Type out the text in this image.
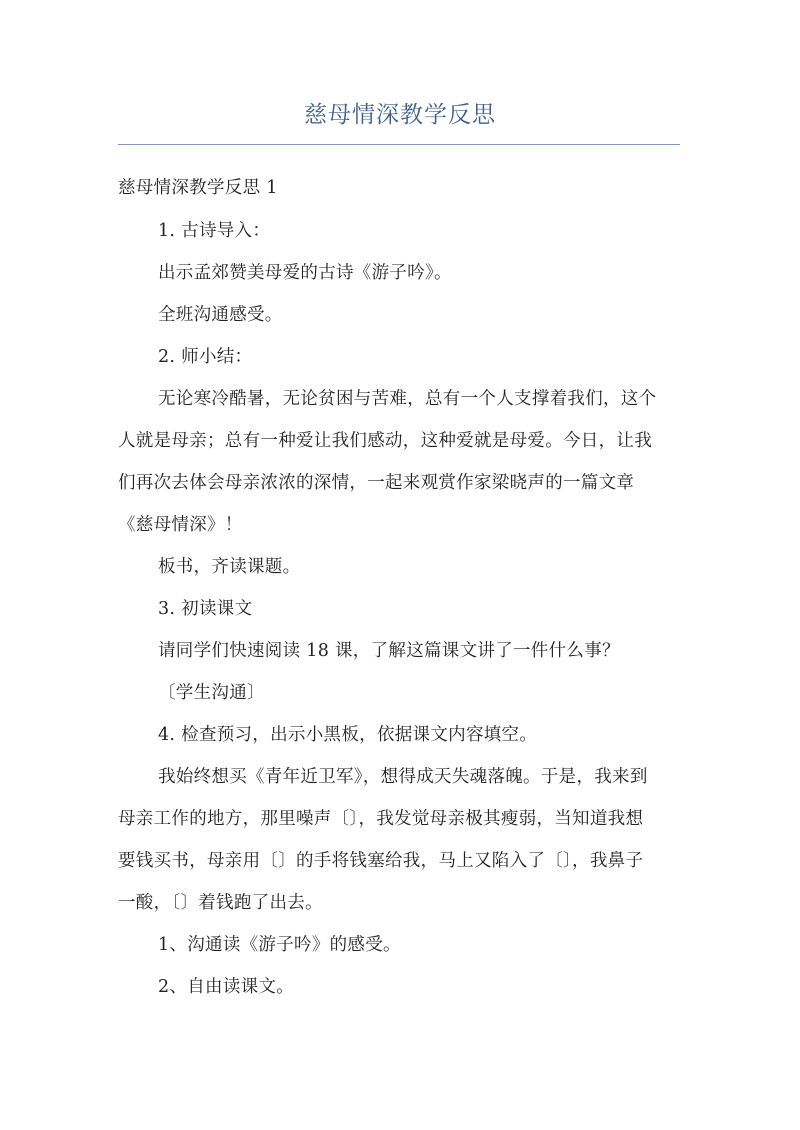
慈母情深教学反思
慈母情深教学反思 1
1. 古诗导入：
出示孟郊赞美母爱的古诗《游子吟》。
全班沟通感受。
2. 师小结：
无论寒冷酷暑，无论贫困与苦难，总有一个人支撑着我们，这个
人就是母亲；总有一种爱让我们感动，这种爱就是母爱。今日，让我
们再次去体会母亲浓浓的深情，一起来观赏作家梁晓声的一篇文章
《慈母情深》！
板书，齐读课题。
3. 初读课文
请同学们快速阅读 18 课，了解这篇课文讲了一件什么事？
〔学生沟通〕
4. 检查预习，出示小黑板，依据课文内容填空。
我始终想买《青年近卫军》，想得成天失魂落魄。于是，我来到
母亲工作的地方，那里噪声〔〕，我发觉母亲极其瘦弱，当知道我想
要钱买书，母亲用〔〕的手将钱塞给我，马上又陷入了〔〕，我鼻子
一酸，〔〕着钱跑了出去。
1、沟通读《游子吟》的感受。
2、自由读课文。
